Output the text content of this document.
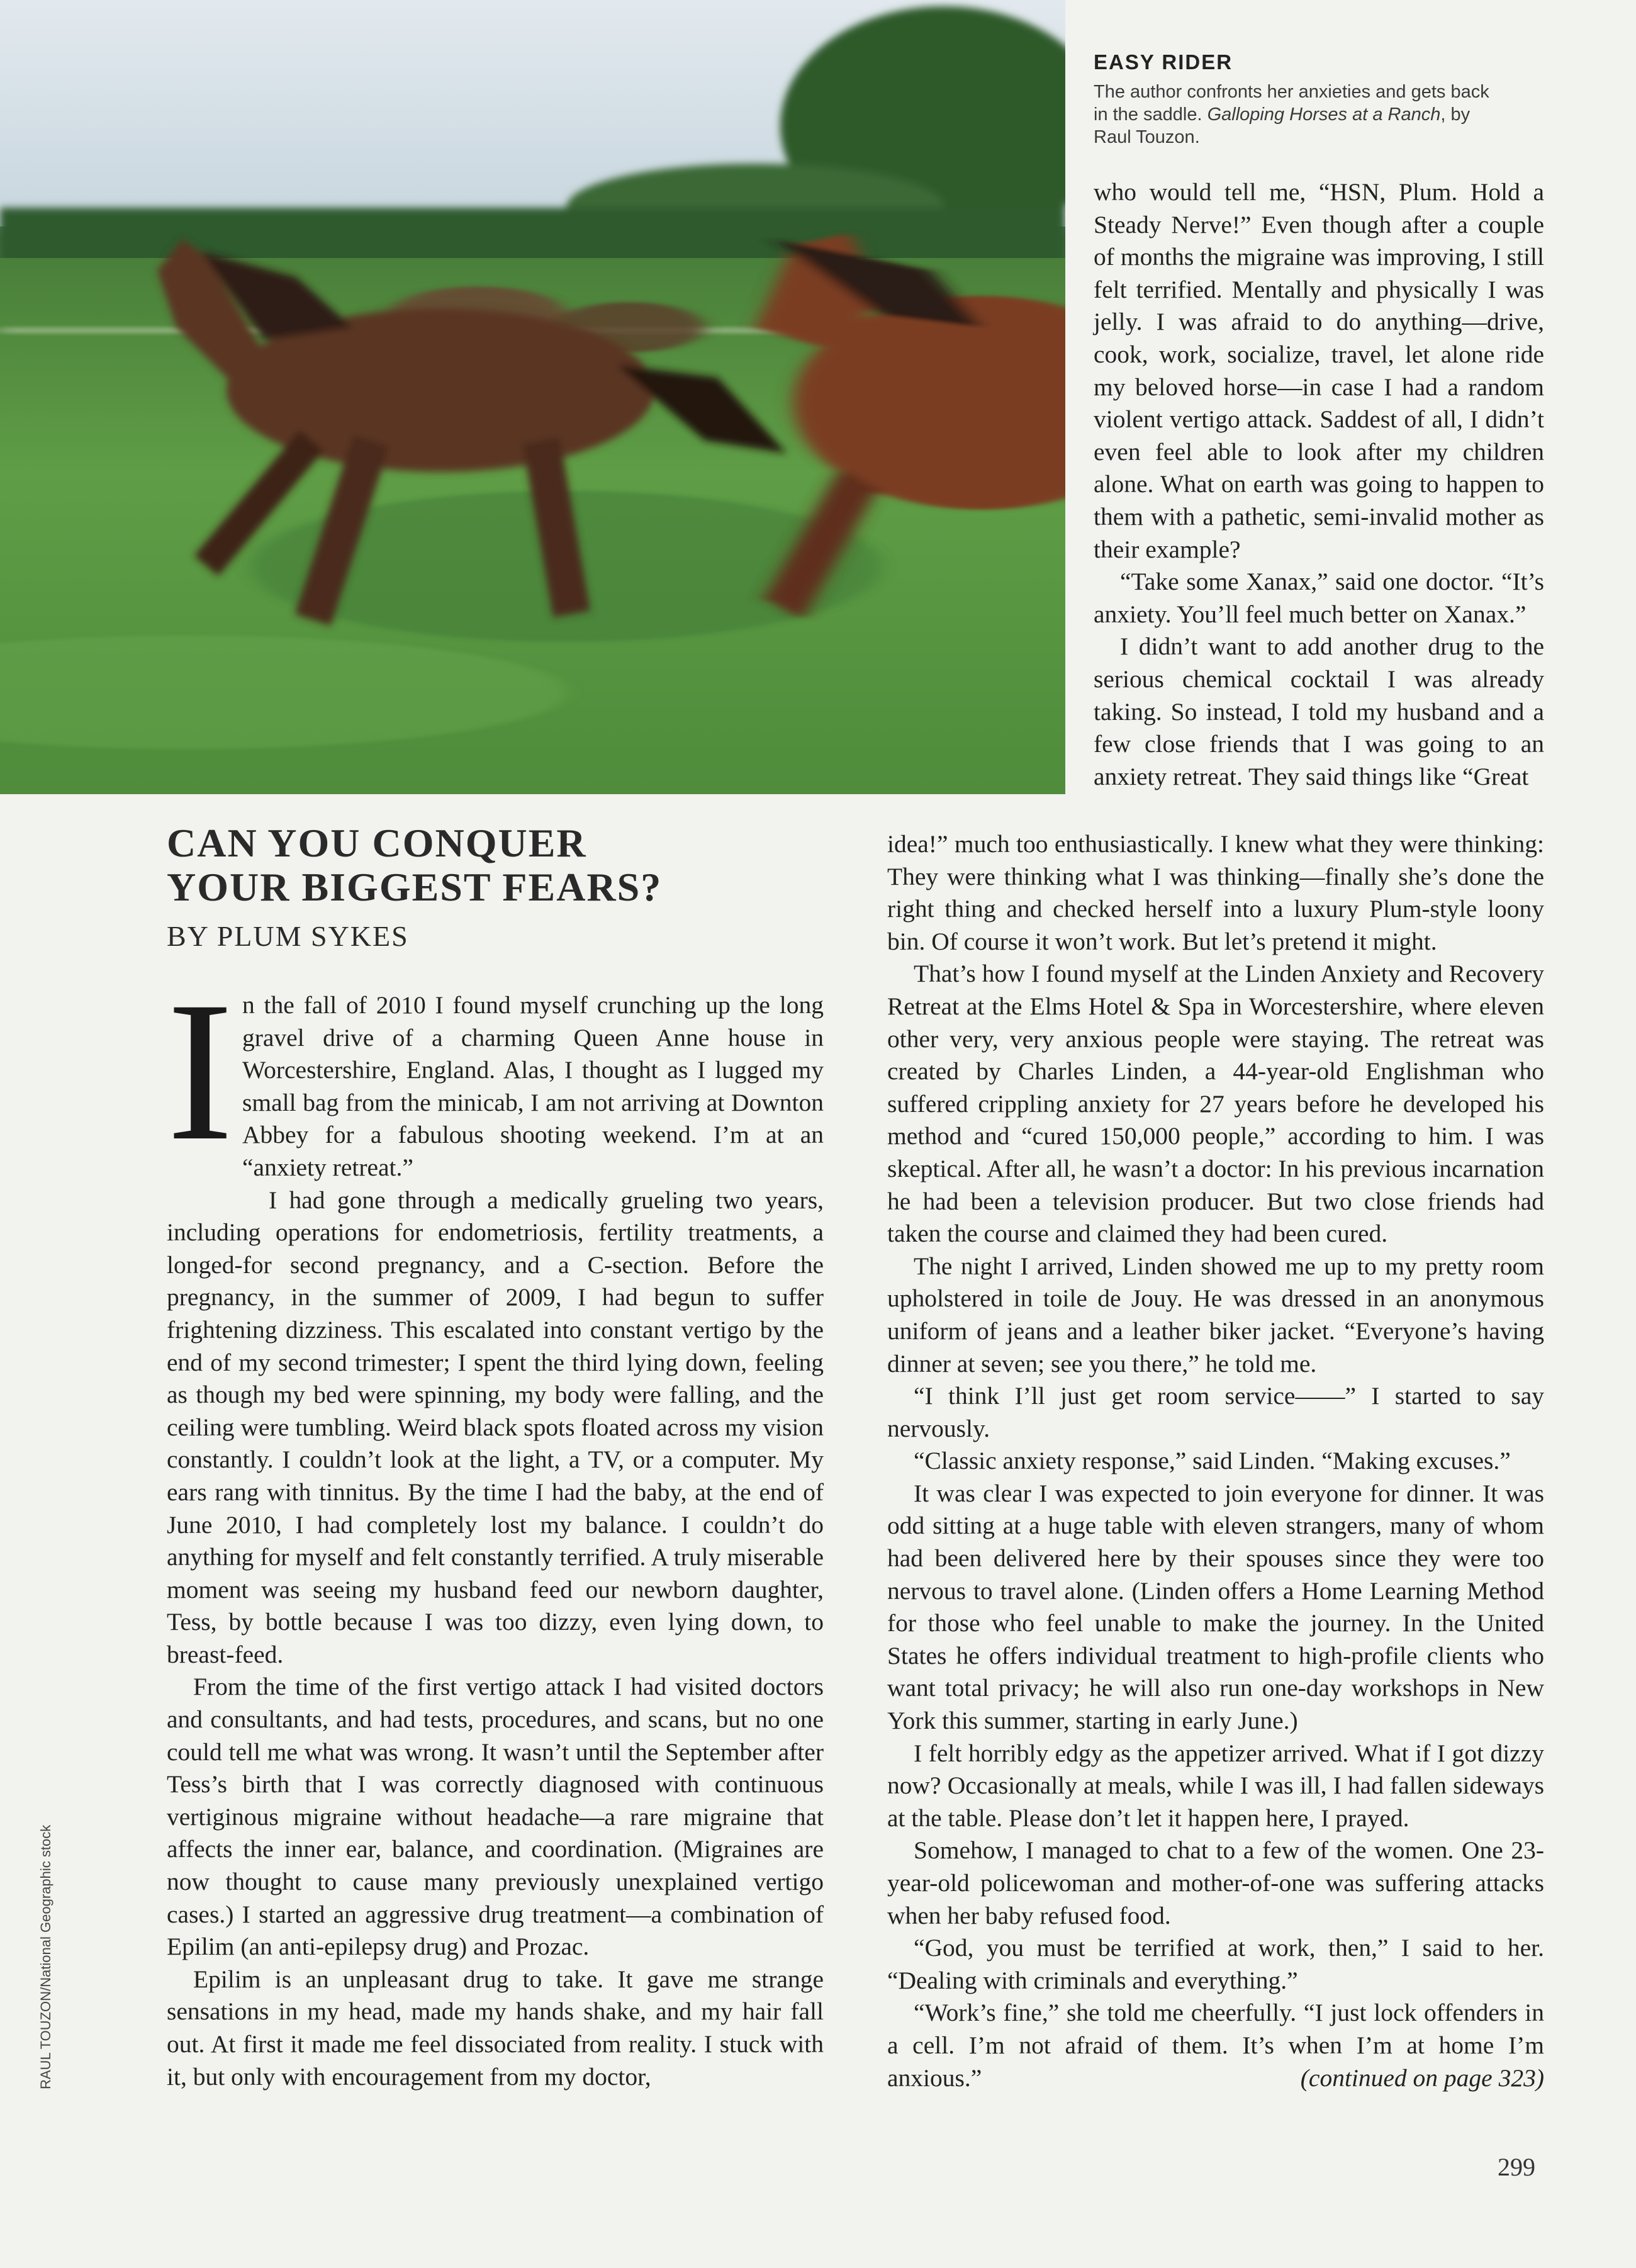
EASY RIDER
The author confronts her anxieties and gets back in the saddle. Galloping Horses at a Ranch, by Raul Touzon.
CAN YOU CONQUER
YOUR BIGGEST FEARS?
BY PLUM SYKES
I n the fall of 2010 I found myself crunching up the long gravel drive of a charming Queen Anne house in Worcestershire, England. Alas, I thought as I lugged my small bag from the minicab, I am not arriving at Downton Abbey for a fabulous shooting weekend. I’m at an “anxiety retreat.”

I had gone through a medically grueling two years, including operations for endometriosis, fertility treatments, a longed-for second pregnancy, and a C-section. Before the pregnancy, in the summer of 2009, I had begun to suffer frightening dizziness. This escalated into constant vertigo by the end of my second trimester; I spent the third lying down, feeling as though my bed were spinning, my body were falling, and the ceiling were tumbling. Weird black spots floated across my vision constantly. I couldn’t look at the light, a TV, or a computer. My ears rang with tinnitus. By the time I had the baby, at the end of June 2010, I had completely lost my balance. I couldn’t do anything for myself and felt constantly terrified. A truly miserable moment was seeing my husband feed our newborn daughter, Tess, by bottle because I was too dizzy, even lying down, to breast-feed.

From the time of the first vertigo attack I had visited doctors and consultants, and had tests, procedures, and scans, but no one could tell me what was wrong. It wasn’t until the September after Tess’s birth that I was correctly diagnosed with continuous vertiginous migraine without headache—a rare migraine that affects the inner ear, balance, and coordination. (Migraines are now thought to cause many previously unexplained vertigo cases.) I started an aggressive drug treatment—a combination of Epilim (an anti-epilepsy drug) and Prozac.

Epilim is an unpleasant drug to take. It gave me strange sensations in my head, made my hands shake, and my hair fall out. At first it made me feel dissociated from reality. I stuck with it, but only with encouragement from my doctor,

who would tell me, “HSN, Plum. Hold a Steady Nerve!” Even though after a couple of months the migraine was improving, I still felt terrified. Mentally and physically I was jelly. I was afraid to do anything—drive, cook, work, socialize, travel, let alone ride my beloved horse—in case I had a random violent vertigo attack. Saddest of all, I didn’t even feel able to look after my children alone. What on earth was going to happen to them with a pathetic, semi-invalid mother as their example?

“Take some Xanax,” said one doctor. “It’s anxiety. You’ll feel much better on Xanax.”

I didn’t want to add another drug to the serious chemical cocktail I was already taking. So instead, I told my husband and a few close friends that I was going to an anxiety retreat. They said things like “Great

idea!” much too enthusiastically. I knew what they were thinking: They were thinking what I was thinking—finally she’s done the right thing and checked herself into a luxury Plum-style loony bin. Of course it won’t work. But let’s pretend it might.

That’s how I found myself at the Linden Anxiety and Recovery Retreat at the Elms Hotel & Spa in Worcestershire, where eleven other very, very anxious people were staying. The retreat was created by Charles Linden, a 44-year-old Englishman who suffered crippling anxiety for 27 years before he developed his method and “cured 150,000 people,” according to him. I was skeptical. After all, he wasn’t a doctor: In his previous incarnation he had been a television producer. But two close friends had taken the course and claimed they had been cured.

The night I arrived, Linden showed me up to my pretty room upholstered in toile de Jouy. He was dressed in an anonymous uniform of jeans and a leather biker jacket. “Everyone’s having dinner at seven; see you there,” he told me.

“I think I’ll just get room service——” I started to say nervously.

“Classic anxiety response,” said Linden. “Making excuses.”

It was clear I was expected to join everyone for dinner. It was odd sitting at a huge table with eleven strangers, many of whom had been delivered here by their spouses since they were too nervous to travel alone. (Linden offers a Home Learning Method for those who feel unable to make the journey. In the United States he offers individual treatment to high-profile clients who want total privacy; he will also run one-day workshops in New York this summer, starting in early June.)

I felt horribly edgy as the appetizer arrived. What if I got dizzy now? Occasionally at meals, while I was ill, I had fallen sideways at the table. Please don’t let it happen here, I prayed.

Somehow, I managed to chat to a few of the women. One 23-year-old policewoman and mother-of-one was suffering attacks when her baby refused food.

“God, you must be terrified at work, then,” I said to her. “Dealing with criminals and everything.”

“Work’s fine,” she told me cheerfully. “I just lock offenders in a cell. I’m not afraid of them. It’s when I’m at home I’m anxious.”	(continued on page 323)

299
RAUL TOUZON/National Geographic stock
